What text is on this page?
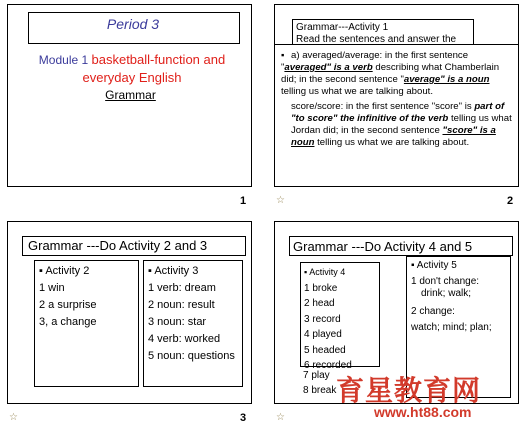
Period 3
Module 1 basketball-function and everyday English
Grammar
1
Grammar---Activity 1
Read the sentences and answer the

▪ a) averaged/average: in the first sentence "averaged" is a verb describing what Chamberlain did; in the second sentence "average" is a noun telling us what we are talking about.

score/score: in the first sentence "score" is part of "to score" the infinitive of the verb telling us what Jordan did; in the second sentence "score" is a noun telling us what we are talking about.

☆	2
Grammar ---Do Activity 2 and 3
▪ Activity 2
1 win
2 a surprise
3, a change
▪ Activity 3
1 verb: dream
2 noun: result
3 noun: star
4 verb: worked
5 noun: questions
☆	3
Grammar ---Do Activity 4 and 5
▪ Activity 4
1 broke
2 head
3 record
4 played
5 headed
6 recorded
7 play
8 break
▪ Activity 5
1 don't change:
drink; walk;
2 change:
watch; mind; plan;
☆
育星教育网
www.ht88.com
